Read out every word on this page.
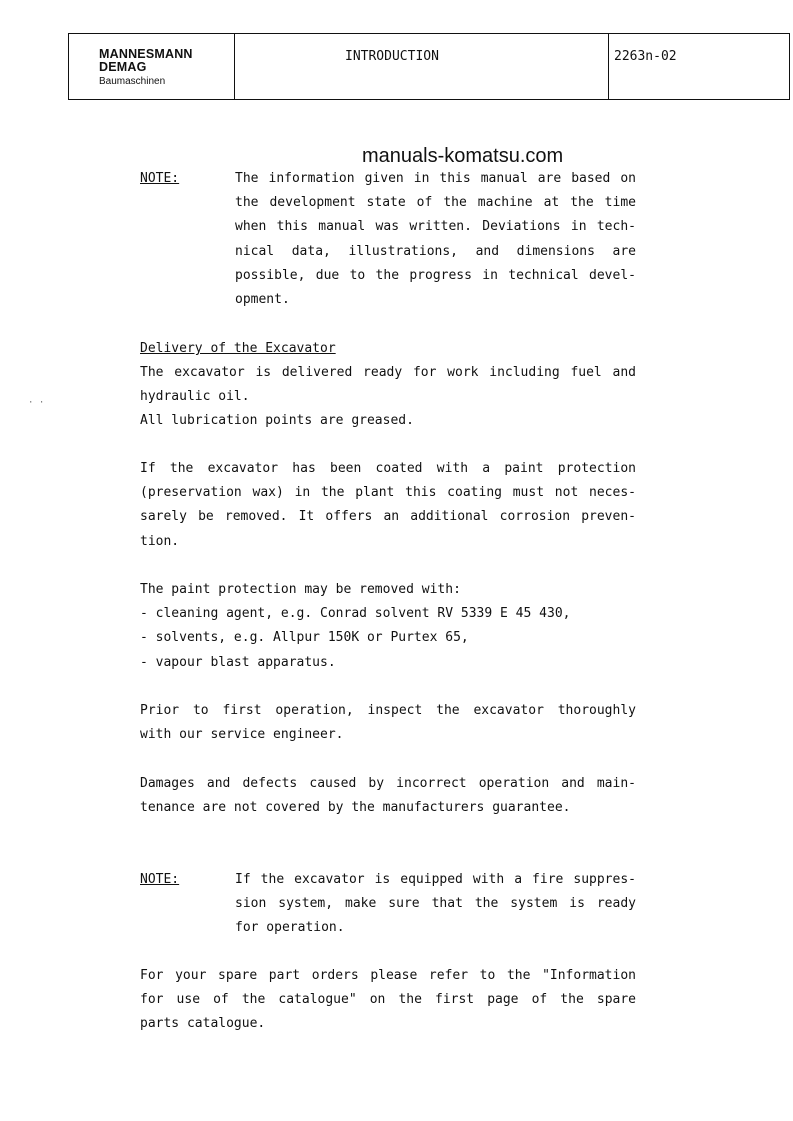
MANNESMANN
DEMAG
Baumaschinen
INTRODUCTION	2263n-02
manuals-komatsu.com
NOTE:	The information given in this manual are based on
the development state of the machine at the time
when this manual was written. Deviations in tech-
nical data, illustrations, and dimensions are
possible, due to the progress in technical devel-
opment.
Delivery of the Excavator
The excavator is delivered ready for work including fuel and
hydraulic oil.
All lubrication points are greased.
· ·
If the excavator has been coated with a paint protection
(preservation wax) in the plant this coating must not neces-
sarely be removed. It offers an additional corrosion preven-
tion.
The paint protection may be removed with:
- cleaning agent, e.g. Conrad solvent RV 5339 E 45 430,
- solvents, e.g. Allpur 150K or Purtex 65,
- vapour blast apparatus.
Prior to first operation, inspect the excavator thoroughly
with our service engineer.
Damages and defects caused by incorrect operation and main-
tenance are not covered by the manufacturers guarantee.
NOTE:	If the excavator is equipped with a fire suppres-
sion system, make sure that the system is ready
for operation.
For your spare part orders please refer to the "Information
for use of the catalogue" on the first page of the spare
parts catalogue.
